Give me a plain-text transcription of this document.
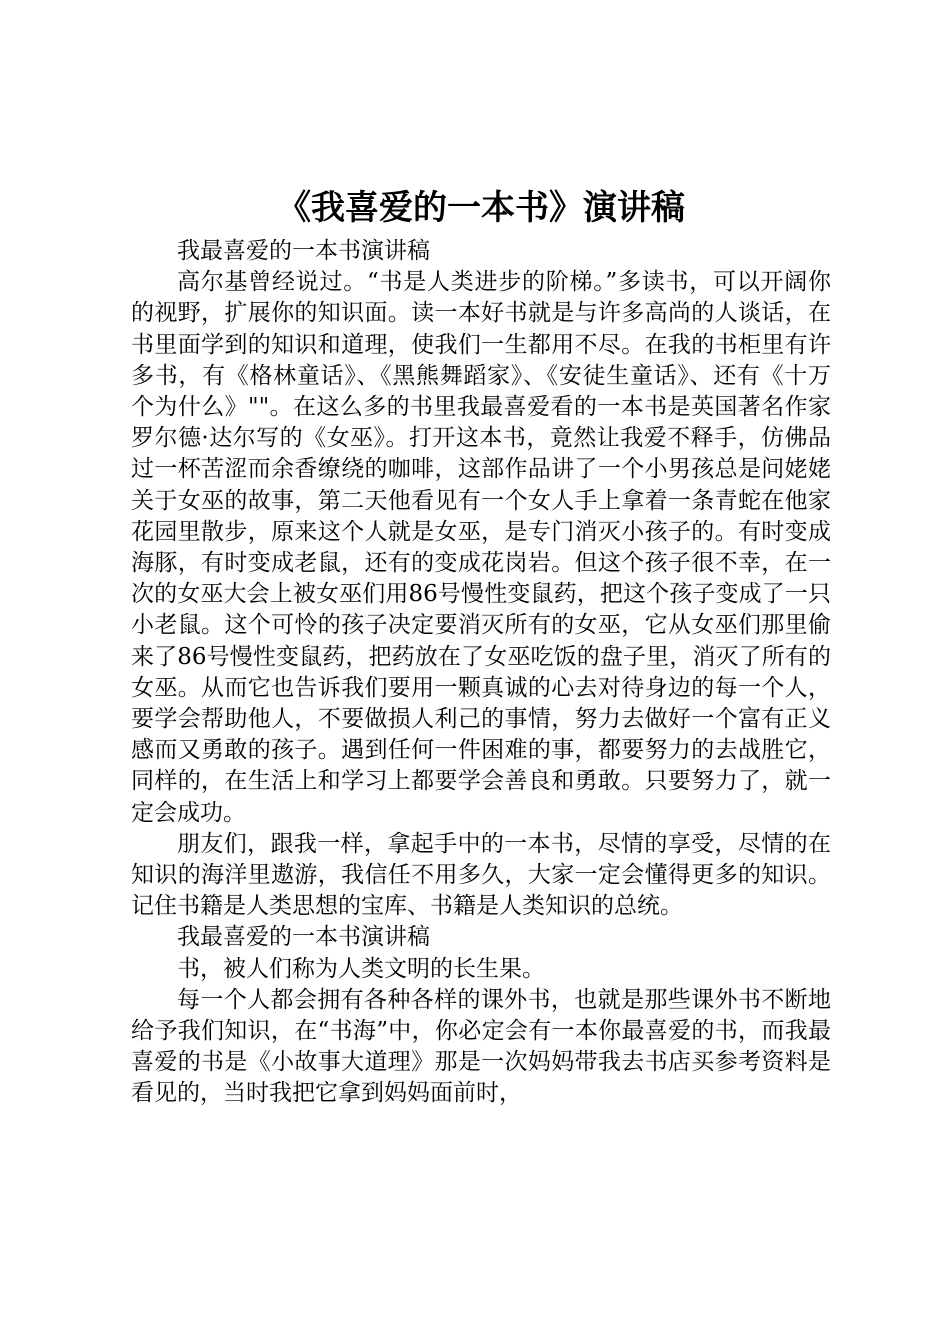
《我喜爱的一本书》演讲稿

我最喜爱的一本书演讲稿

高尔基曾经说过。“书是人类进步的阶梯。”多读书，可以开阔你的视野，扩展你的知识面。读一本好书就是与许多高尚的人谈话，在书里面学到的知识和道理，使我们一生都用不尽。在我的书柜里有许多书，有《格林童话》、《黑熊舞蹈家》、《安徒生童话》、还有《十万个为什么》""。在这么多的书里我最喜爱看的一本书是英国著名作家罗尔德·达尔写的《女巫》。打开这本书，竟然让我爱不释手，仿佛品过一杯苦涩而余香缭绕的咖啡，这部作品讲了一个小男孩总是问姥姥关于女巫的故事，第二天他看见有一个女人手上拿着一条青蛇在他家花园里散步，原来这个人就是女巫，是专门消灭小孩子的。有时变成海豚，有时变成老鼠，还有的变成花岗岩。但这个孩子很不幸，在一次的女巫大会上被女巫们用86号慢性变鼠药，把这个孩子变成了一只小老鼠。这个可怜的孩子决定要消灭所有的女巫，它从女巫们那里偷来了86号慢性变鼠药，把药放在了女巫吃饭的盘子里，消灭了所有的女巫。从而它也告诉我们要用一颗真诚的心去对待身边的每一个人，要学会帮助他人，不要做损人利己的事情，努力去做好一个富有正义感而又勇敢的孩子。遇到任何一件困难的事，都要努力的去战胜它，同样的，在生活上和学习上都要学会善良和勇敢。只要努力了，就一定会成功。

朋友们，跟我一样，拿起手中的一本书，尽情的享受，尽情的在知识的海洋里遨游，我信任不用多久，大家一定会懂得更多的知识。记住书籍是人类思想的宝库、书籍是人类知识的总统。

我最喜爱的一本书演讲稿

书，被人们称为人类文明的长生果。

每一个人都会拥有各种各样的课外书，也就是那些课外书不断地给予我们知识，在“书海”中，你必定会有一本你最喜爱的书，而我最喜爱的书是《小故事大道理》那是一次妈妈带我去书店买参考资料是看见的，当时我把它拿到妈妈面前时，
